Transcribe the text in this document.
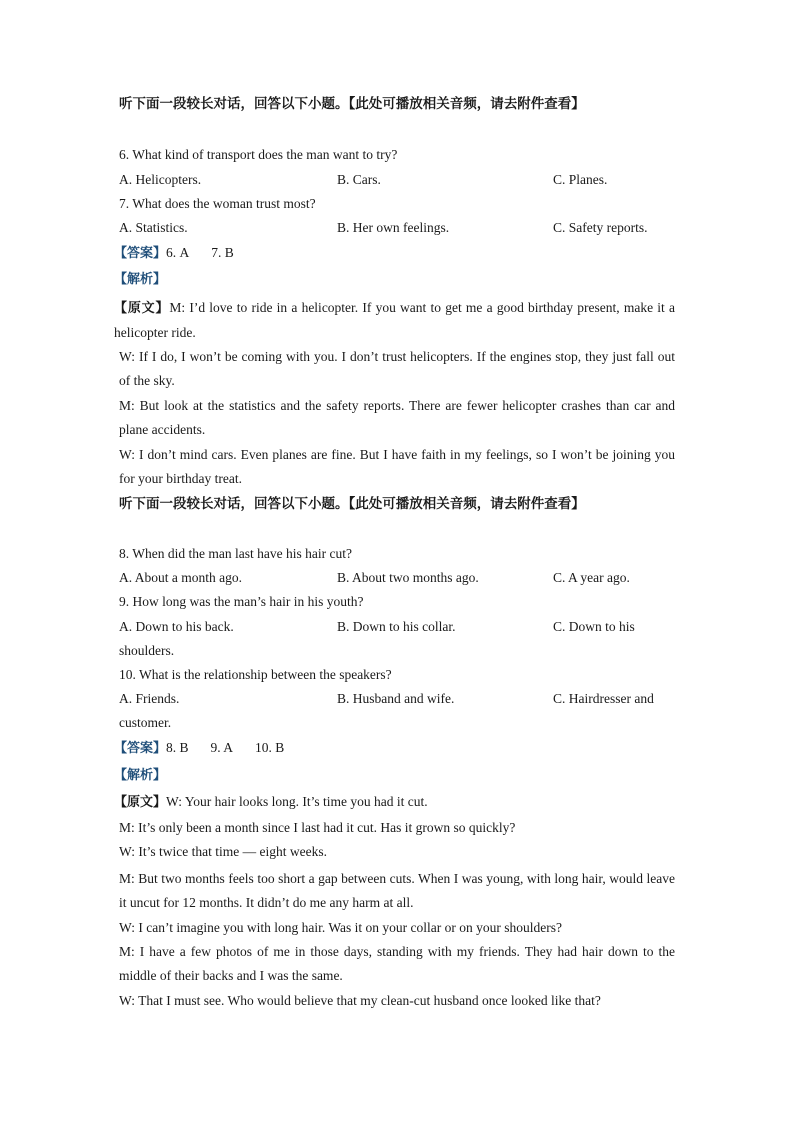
听下面一段较长对话，回答以下小题。【此处可播放相关音频，请去附件查看】
6. What kind of transport does the man want to try?
A. Helicopters.	B. Cars.	C. Planes.
7. What does the woman trust most?
A. Statistics.	B. Her own feelings.	C. Safety reports.
【答案】6. A 7. B
【解析】
【原文】M: I’d love to ride in a helicopter. If you want to get me a good birthday present, make it a helicopter ride.
W: If I do, I won’t be coming with you. I don’t trust helicopters. If the engines stop, they just fall out of the sky.
M: But look at the statistics and the safety reports. There are fewer helicopter crashes than car and plane accidents.
W: I don’t mind cars. Even planes are fine. But I have faith in my feelings, so I won’t be joining you for your birthday treat.
听下面一段较长对话，回答以下小题。【此处可播放相关音频，请去附件查看】
8. When did the man last have his hair cut?
A. About a month ago.	B. About two months ago.	C. A year ago.
9. How long was the man’s hair in his youth?
A. Down to his back.	B. Down to his collar.	C. Down to his
shoulders.
10. What is the relationship between the speakers?
A. Friends.	B. Husband and wife.	C. Hairdresser and
customer.
【答案】8. B 9. A 10. B
【解析】
【原文】W: Your hair looks long. It’s time you had it cut.
M: It’s only been a month since I last had it cut. Has it grown so quickly?
W: It’s twice that time — eight weeks.
M: But two months feels too short a gap between cuts. When I was young, with long hair, would leave it uncut for 12 months. It didn’t do me any harm at all.
W: I can’t imagine you with long hair. Was it on your collar or on your shoulders?
M: I have a few photos of me in those days, standing with my friends. They had hair down to the middle of their backs and I was the same.
W: That I must see. Who would believe that my clean-cut husband once looked like that?
